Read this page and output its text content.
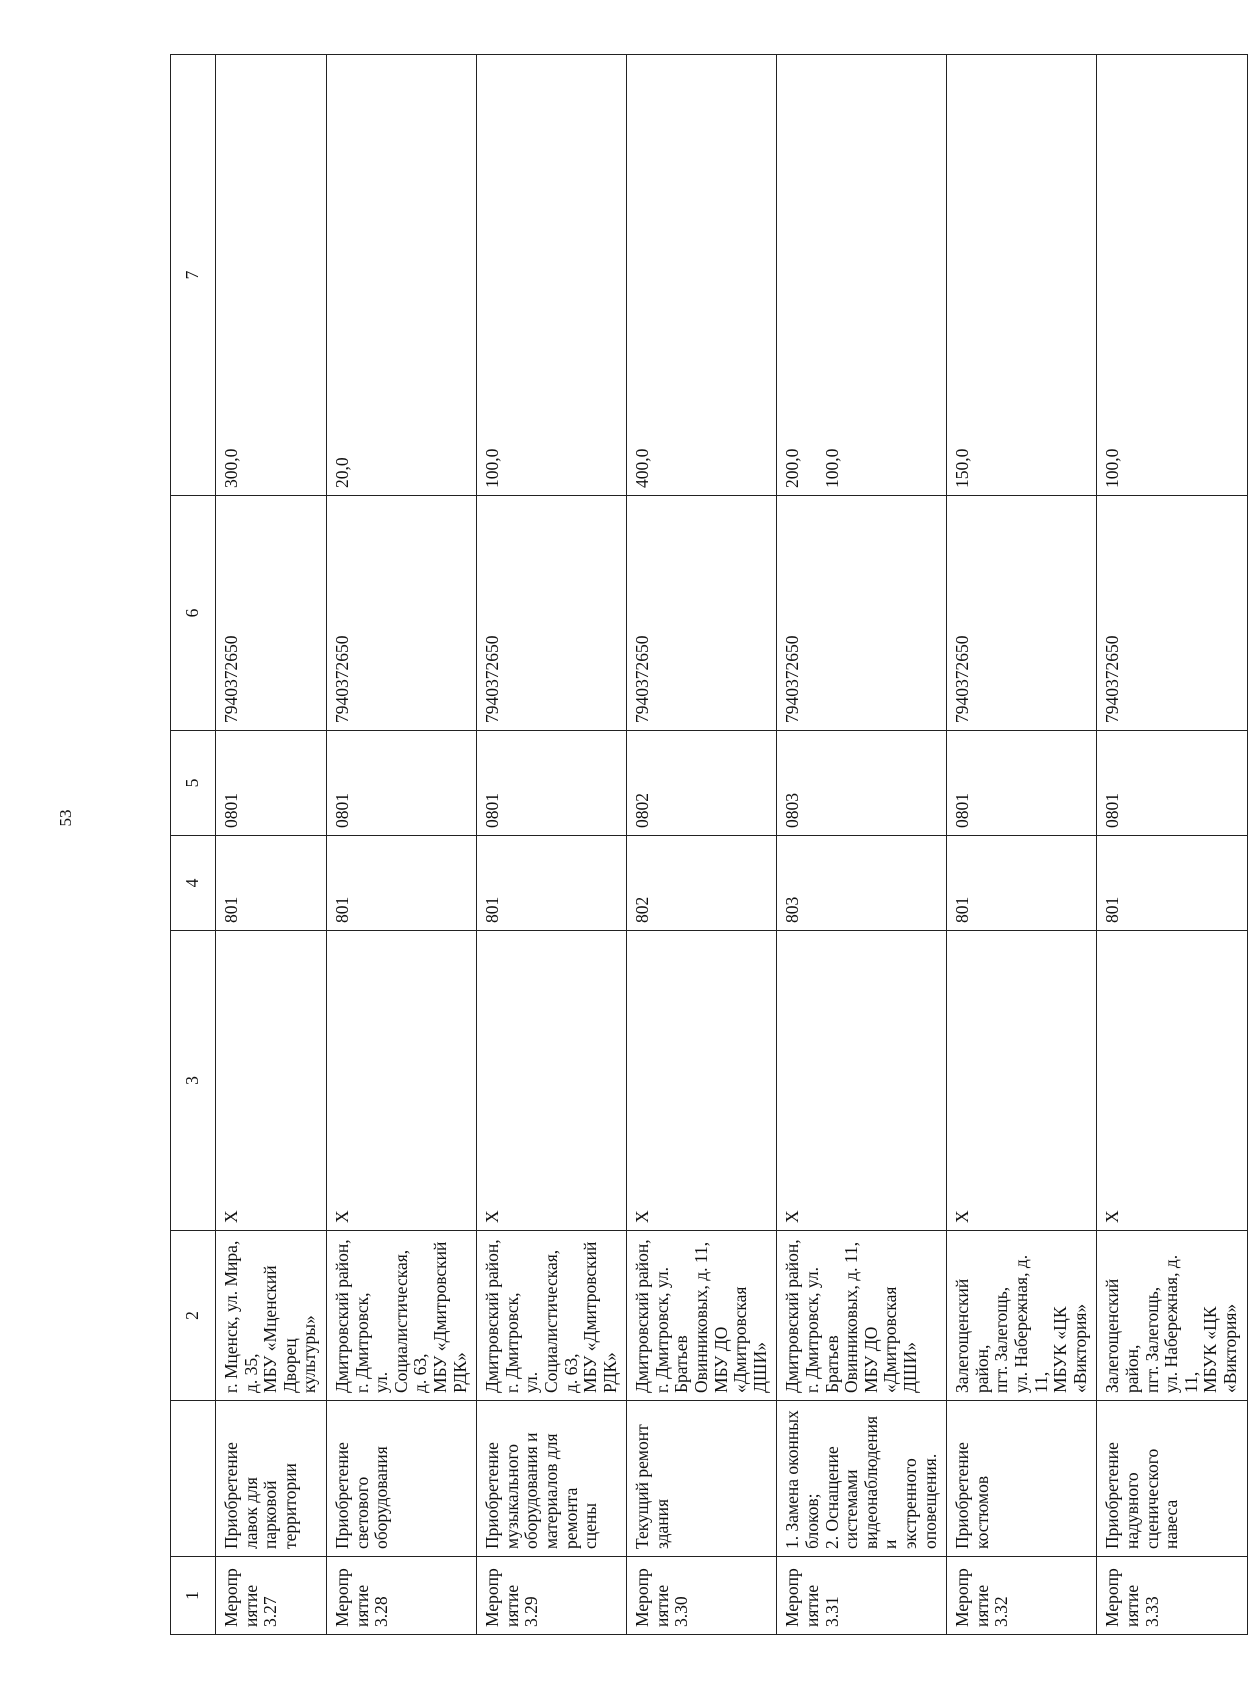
53
1		2	3	4	5	6	7
Мероприятие
3.27	Приобретение лавок для
парковой территории	г. Мценск, ул. Мира, д. 35,
МБУ «Мценский Дворец
культуры»	X	801	0801	7940372650	300,0
Мероприятие
3.28	Приобретение светового
оборудования	Дмитровский район,
г. Дмитровск,
ул. Социалистическая, д. 63,
МБУ «Дмитровский РДК»	X	801	0801	7940372650	20,0
Мероприятие
3.29	Приобретение
музыкального
оборудования и
материалов для ремонта
сцены	Дмитровский район,
г. Дмитровск,
ул. Социалистическая, д. 63,
МБУ «Дмитровский РДК»	X	801	0801	7940372650	100,0
Мероприятие
3.30	Текущий ремонт здания	Дмитровский район,
г. Дмитровск, ул. Братьев
Овинниковых, д. 11,
МБУ ДО «Дмитровская
ДШИ»	X	802	0802	7940372650	400,0
Мероприятие
3.31	1. Замена оконных
блоков;
2. Оснащение системами
видеонаблюдения и
экстренного оповещения.	Дмитровский район,
г. Дмитровск, ул. Братьев
Овинниковых, д. 11,
МБУ ДО «Дмитровская
ДШИ»	X	803	0803	7940372650	200,0

100,0
Мероприятие
3.32	Приобретение костюмов	Залегощенский район,
пгт. Залегощь,
ул. Набережная, д. 11,
МБУК «ЦК «Виктория»	X	801	0801	7940372650	150,0
Мероприятие
3.33	Приобретение надувного
сценического навеса	Залегощенский район,
пгт. Залегощь,
ул. Набережная, д. 11,
МБУК «ЦК «Виктория»	X	801	0801	7940372650	100,0
